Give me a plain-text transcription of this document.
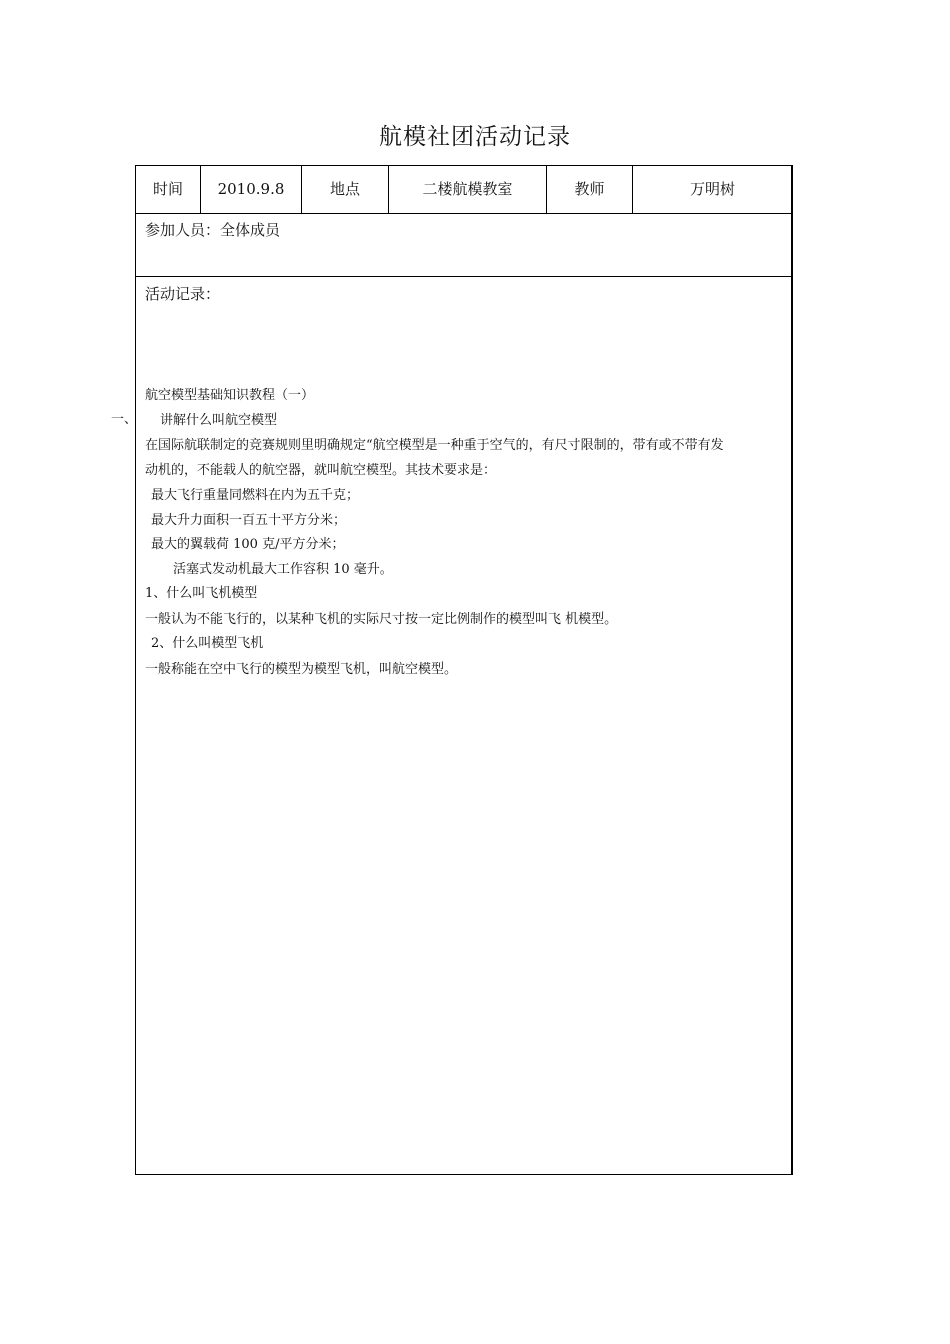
航模社团活动记录
时间	2010.9.8	地点	二楼航模教室	教师	万明树
参加人员：全体成员
活动记录：
航空模型基础知识教程（一）
讲解什么叫航空模型
在国际航联制定的竞赛规则里明确规定“航空模型是一种重于空气的，有尺寸限制的，带有或不带有发
动机的，不能载人的航空器，就叫航空模型。其技术要求是：
最大飞行重量同燃料在内为五千克；
最大升力面积一百五十平方分米；
最大的翼载荷 100 克/平方分米；
活塞式发动机最大工作容积 10 毫升。
1、什么叫飞机模型
一般认为不能飞行的，以某种飞机的实际尺寸按一定比例制作的模型叫飞 机模型。
2、什么叫模型飞机
一般称能在空中飞行的模型为模型飞机，叫航空模型。
一、
